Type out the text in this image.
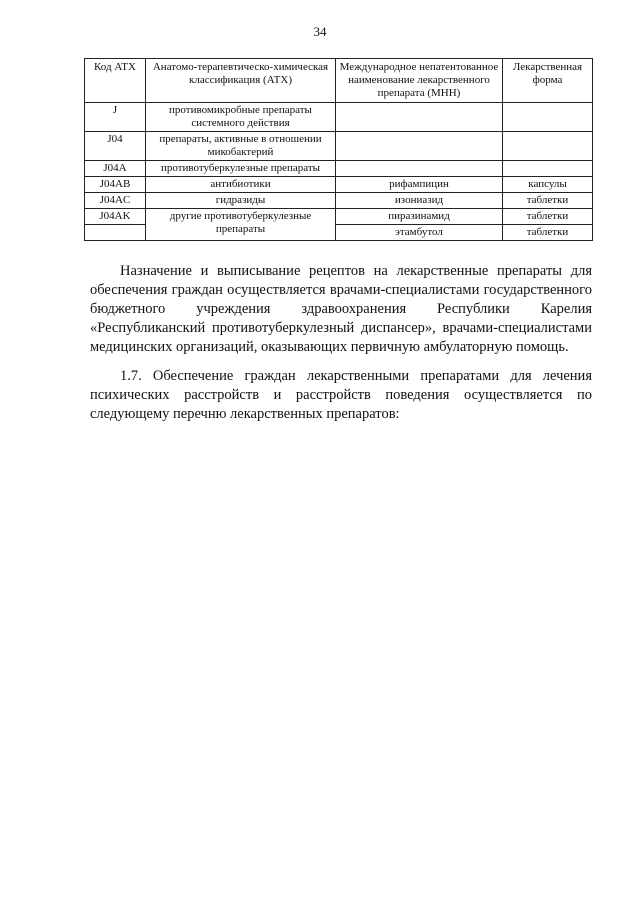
34
Код АТХ	Анатомо-терапевтическо-химическая классификация (АТХ)	Международное непатентованное наименование лекарственного препарата (МНН)	Лекарственная форма
J	противомикробные препараты системного действия		
J04	препараты, активные в отношении микобактерий		
J04A	противотуберкулезные препараты		
J04AB	антибиотики	рифампицин	капсулы
J04AC	гидразиды	изониазид	таблетки
J04AK	другие противотуберкулезные препараты	пиразинамид	таблетки
		этамбутол	таблетки

Назначение и выписывание рецептов на лекарственные препараты для обеспечения граждан осуществляется врачами-специалистами государственного бюджетного учреждения здравоохранения Республики Карелия «Республиканский противотуберкулезный диспансер», врачами-специалистами медицинских организаций, оказывающих первичную амбулаторную помощь.

1.7. Обеспечение граждан лекарственными препаратами для лечения психических расстройств и расстройств поведения осуществляется по следующему перечню лекарственных препаратов:
